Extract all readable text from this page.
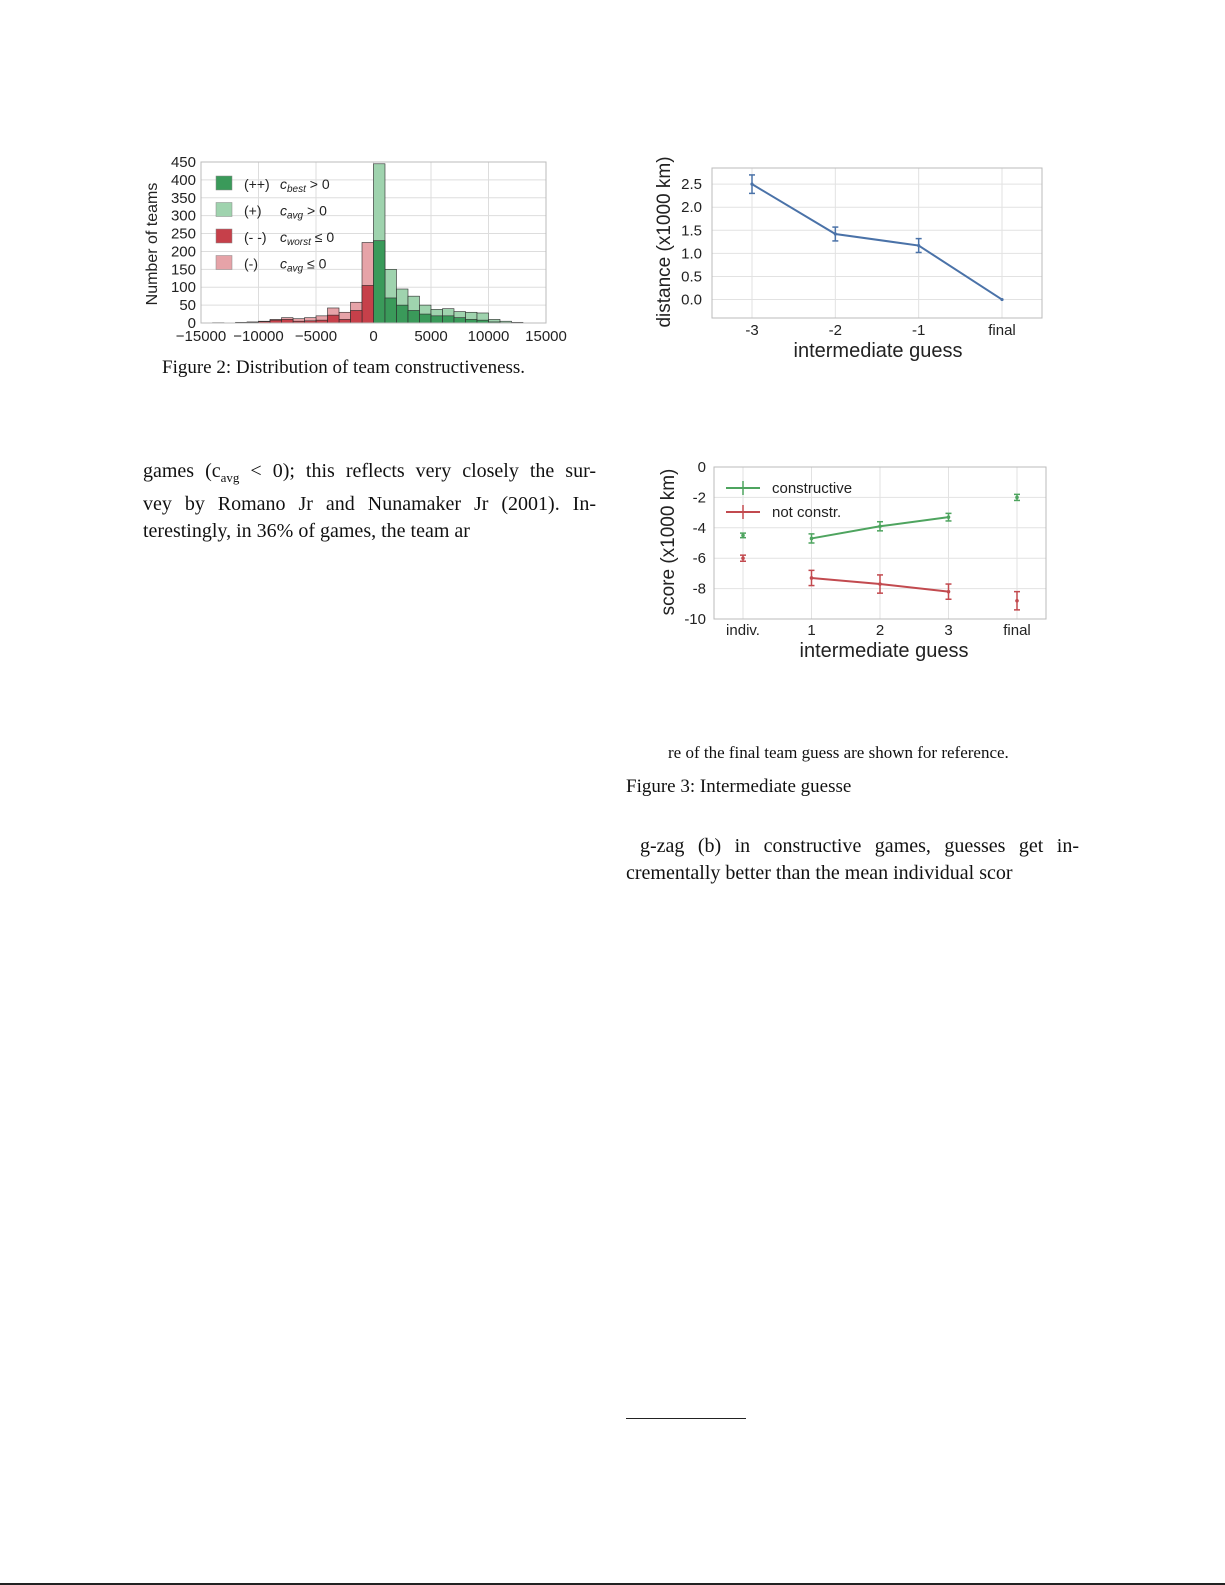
0
50
100
150
200
250
300
350
400
450
−15000 −10000 −5000 0 5000 10000 15000
Number of teams	(++) $c_{best} > 0$
(+) $c_{avg} > 0$
(- -) $c_{worst} \le 0$
(-) $c_{avg} \le 0$
Figure 2: Distribution of team constructiveness.
0.0
0.5
1.0
1.5
2.0
2.5
-3	-2	-1	final
distance (x1000 km)
intermediate guess
games $(c_{avg} < 0)$; this reflects very closely the sur-
vey by Romano Jr and Nunamaker Jr (2001). In-
terestingly, in 36% of games, the team ar
0
-2
-4
-6
-8
-10
indiv.	1	2	3	final
constructive
not constr.
score (x1000 km)
intermediate guess
re of the final team guess are shown for reference.
Figure 3: Intermediate guesse
g-zag (b) in constructive games, guesses get in-
crementally better than the mean individual scor
